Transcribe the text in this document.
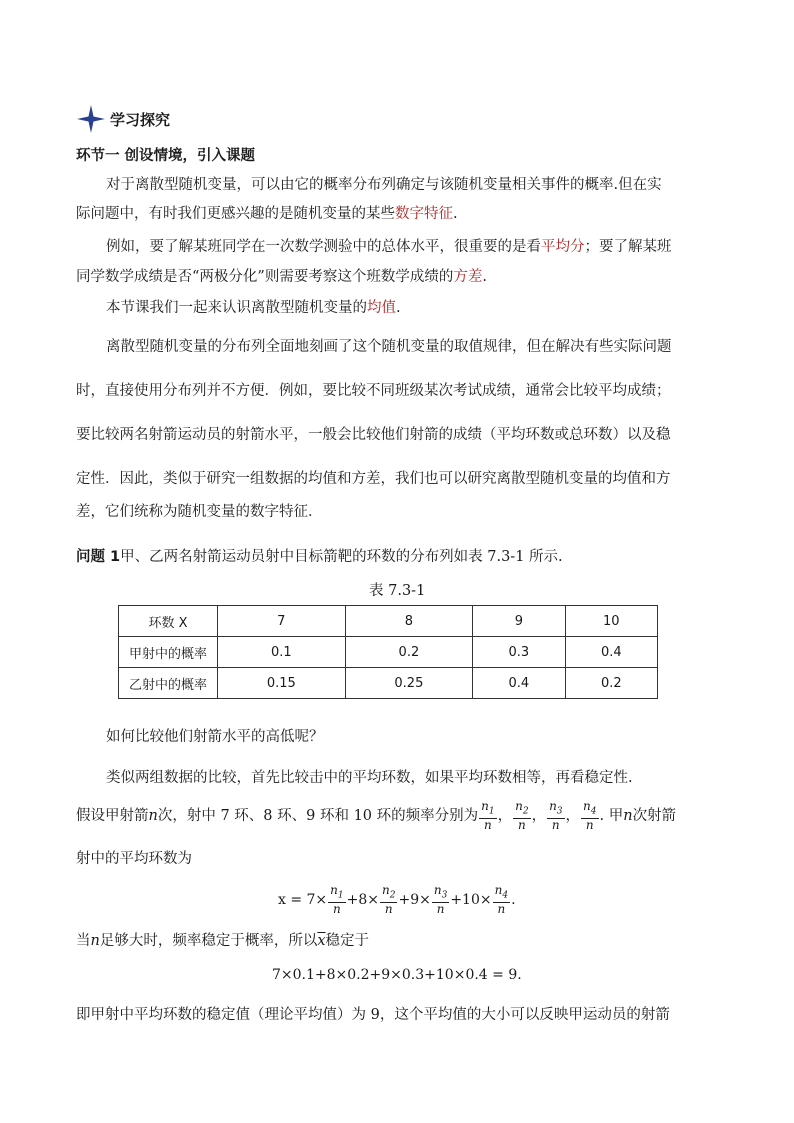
学习探究
环节一 创设情境，引入课题
对于离散型随机变量，可以由它的概率分布列确定与该随机变量相关事件的概率.但在实
际问题中，有时我们更感兴趣的是随机变量的某些数字特征.
例如，要了解某班同学在一次数学测验中的总体水平，很重要的是看平均分；要了解某班
同学数学成绩是否“两极分化”则需要考察这个班数学成绩的方差.
本节课我们一起来认识离散型随机变量的均值.
离散型随机变量的分布列全面地刻画了这个随机变量的取值规律，但在解决有些实际问题
时，直接使用分布列并不方便．例如，要比较不同班级某次考试成绩，通常会比较平均成绩；
要比较两名射箭运动员的射箭水平，一般会比较他们射箭的成绩（平均环数或总环数）以及稳
定性．因此，类似于研究一组数据的均值和方差，我们也可以研究离散型随机变量的均值和方
差，它们统称为随机变量的数字特征．
问题 1甲、乙两名射箭运动员射中目标箭靶的环数的分布列如表 7.3-1 所示.
表 7.3-1
环数 X	7	8	9	10
甲射中的概率	0.1	0.2	0.3	0.4
乙射中的概率	0.15	0.25	0.4	0.2
如何比较他们射箭水平的高低呢？
类似两组数据的比较，首先比较击中的平均环数，如果平均环数相等，再看稳定性.
假设甲射箭 n 次，射中 7 环、8 环、9 环和 10 环的频率分别为 $\frac{n_1}{n}$ ， $\frac{n_2}{n}$ ， $\frac{n_3}{n}$ ， $\frac{n_4}{n}$ . 甲 n 次射箭
射中的平均环数为
$x = 7\times \frac{n_1}{n} +8\times \frac{n_2}{n} +9\times \frac{n_3}{n} +10\times \frac{n_4}{n}$ .
当n足够大时，频率稳定于概率，所以$\overline{x}$稳定于
7×0.1+8×0.2+9×0.3+10×0.4 = 9.
即甲射中平均环数的稳定值（理论平均值）为 9，这个平均值的大小可以反映甲运动员的射箭
